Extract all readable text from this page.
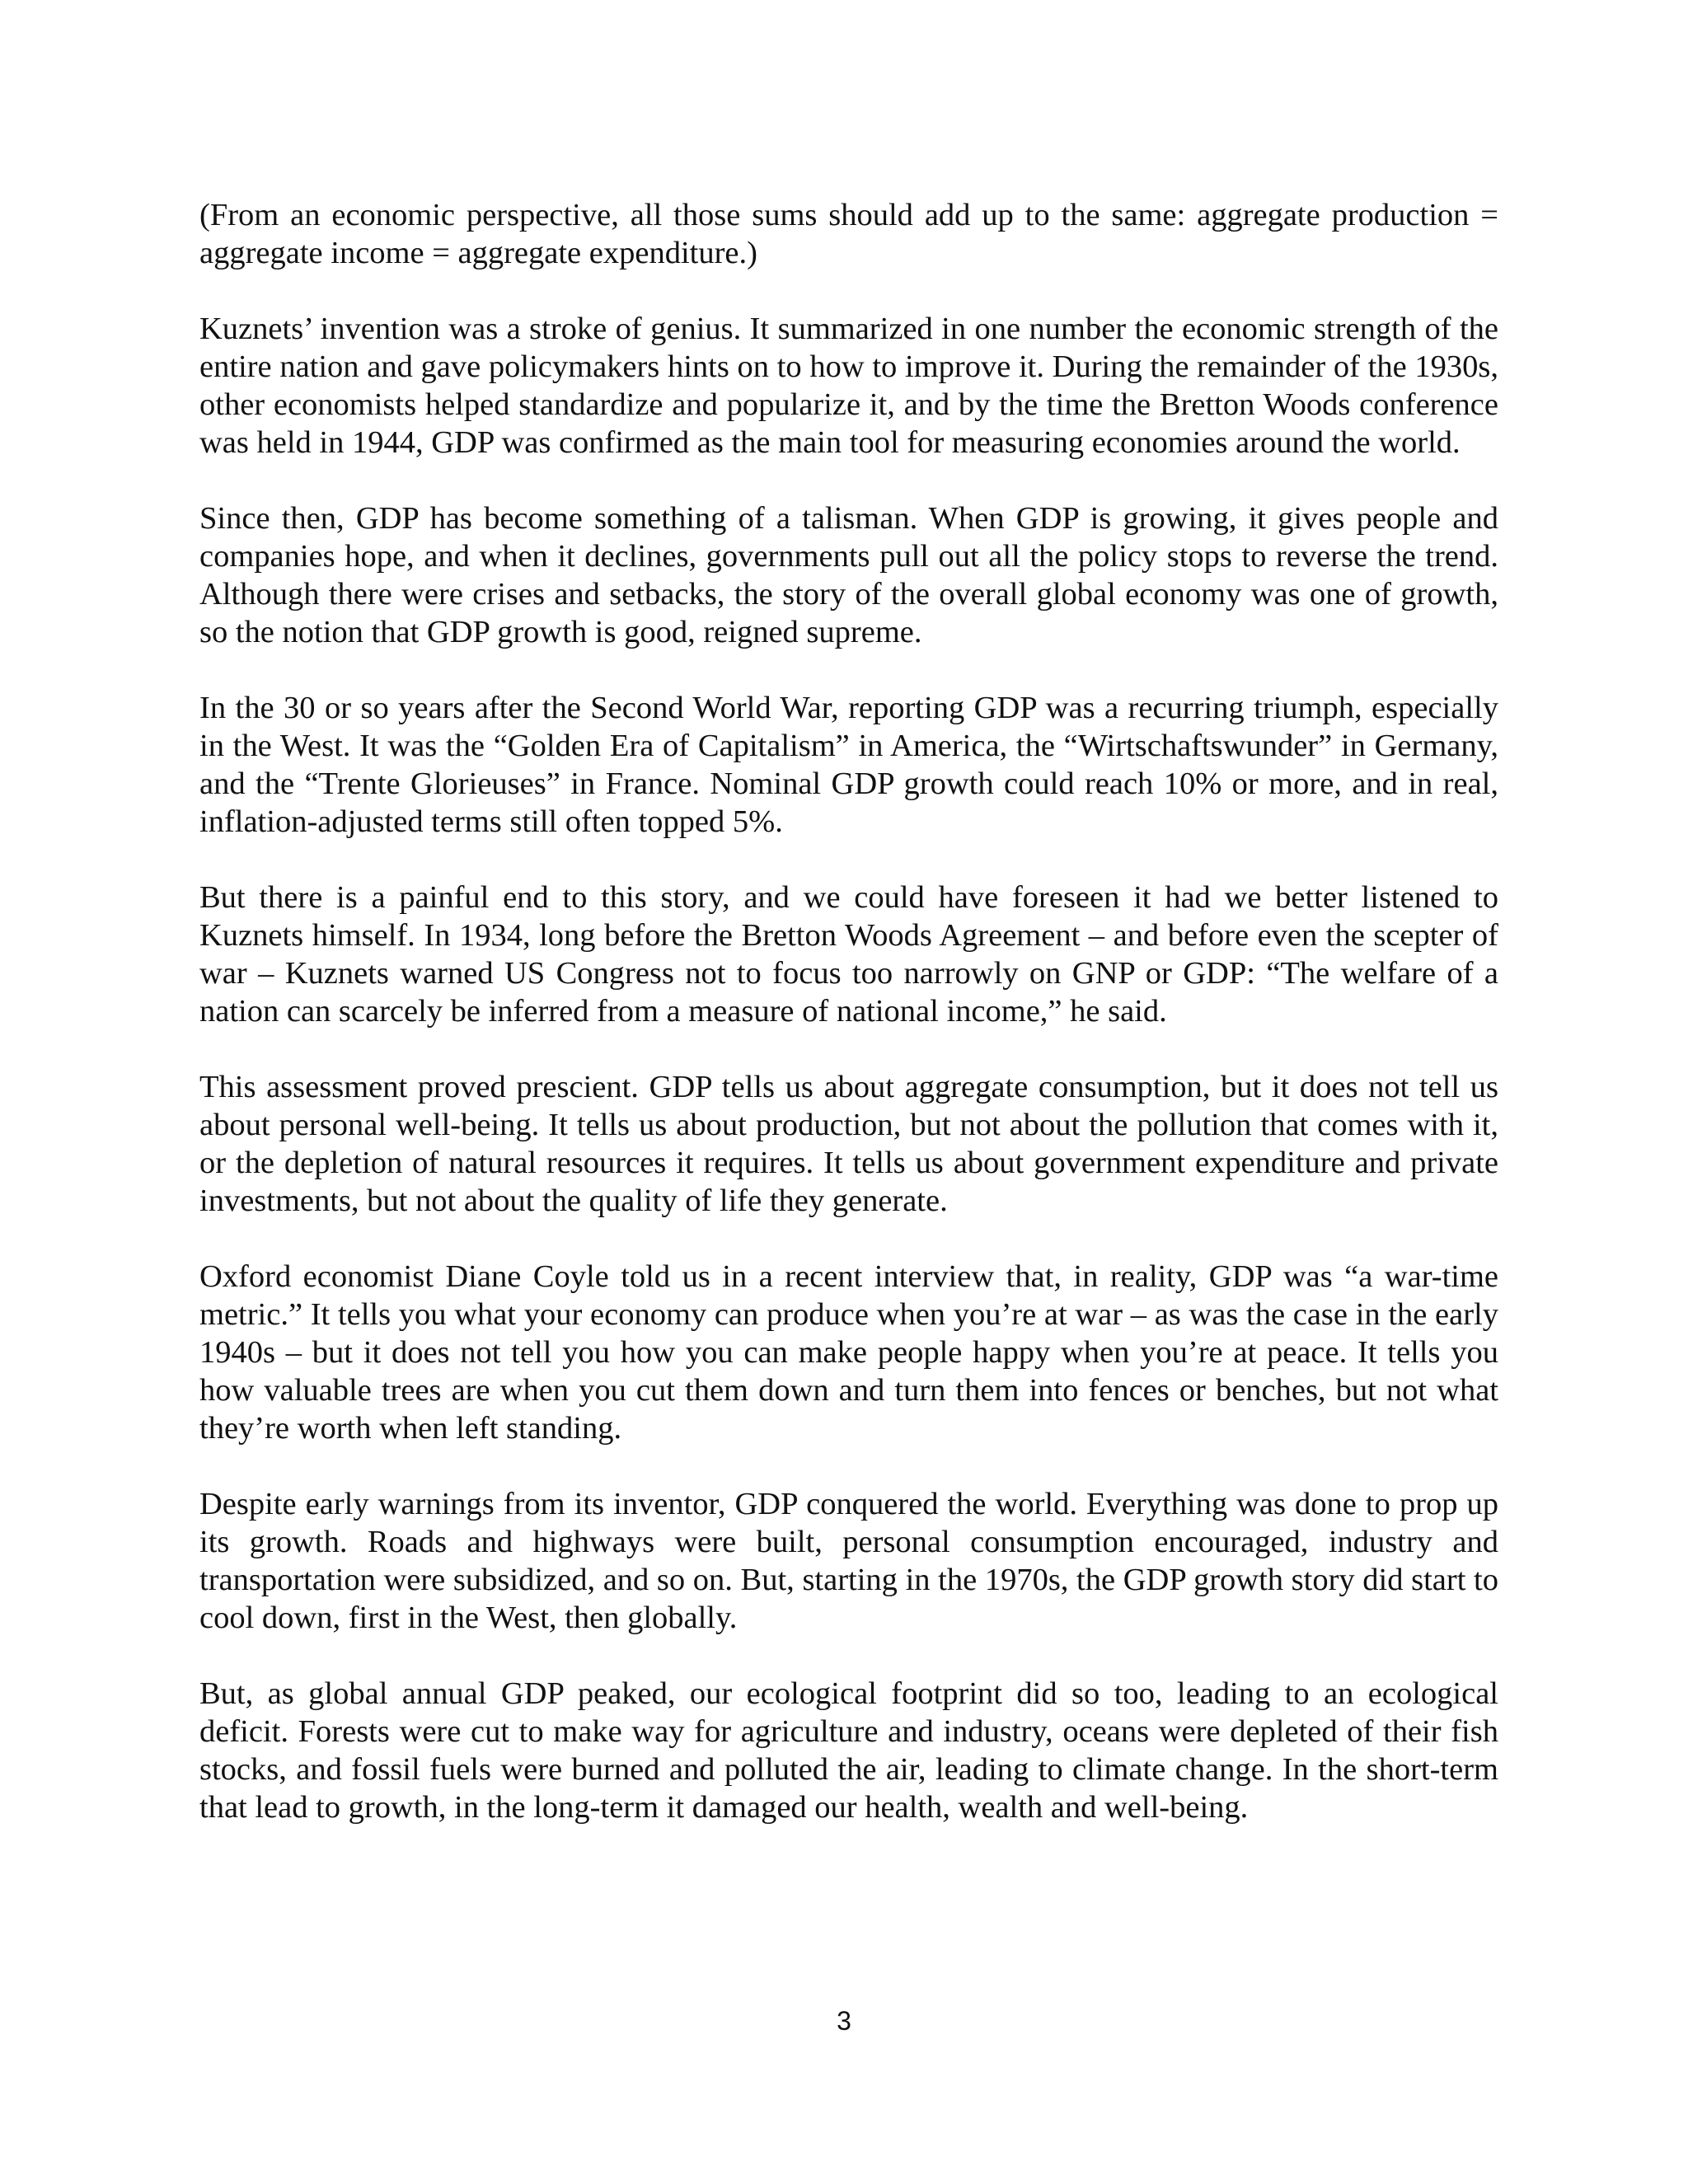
(From an economic perspective, all those sums should add up to the same: aggregate production = aggregate income = aggregate expenditure.)

Kuznets’ invention was a stroke of genius. It summarized in one number the economic strength of the entire nation and gave policymakers hints on to how to improve it. During the remainder of the 1930s, other economists helped standardize and popularize it, and by the time the Bretton Woods conference was held in 1944, GDP was confirmed as the main tool for measuring economies around the world.

Since then, GDP has become something of a talisman. When GDP is growing, it gives people and companies hope, and when it declines, governments pull out all the policy stops to reverse the trend. Although there were crises and setbacks, the story of the overall global economy was one of growth, so the notion that GDP growth is good, reigned supreme.

In the 30 or so years after the Second World War, reporting GDP was a recurring triumph, especially in the West. It was the “Golden Era of Capitalism” in America, the “Wirtschaftswunder” in Germany, and the “Trente Glorieuses” in France. Nominal GDP growth could reach 10% or more, and in real, inflation-adjusted terms still often topped 5%.

But there is a painful end to this story, and we could have foreseen it had we better listened to Kuznets himself. In 1934, long before the Bretton Woods Agreement – and before even the scepter of war – Kuznets warned US Congress not to focus too narrowly on GNP or GDP: “The welfare of a nation can scarcely be inferred from a measure of national income,” he said.

This assessment proved prescient. GDP tells us about aggregate consumption, but it does not tell us about personal well-being. It tells us about production, but not about the pollution that comes with it, or the depletion of natural resources it requires. It tells us about government expenditure and private investments, but not about the quality of life they generate.

Oxford economist Diane Coyle told us in a recent interview that, in reality, GDP was “a war-time metric.” It tells you what your economy can produce when you’re at war – as was the case in the early 1940s – but it does not tell you how you can make people happy when you’re at peace. It tells you how valuable trees are when you cut them down and turn them into fences or benches, but not what they’re worth when left standing.

Despite early warnings from its inventor, GDP conquered the world. Everything was done to prop up its growth. Roads and highways were built, personal consumption encouraged, industry and transportation were subsidized, and so on. But, starting in the 1970s, the GDP growth story did start to cool down, first in the West, then globally.

But, as global annual GDP peaked, our ecological footprint did so too, leading to an ecological deficit. Forests were cut to make way for agriculture and industry, oceans were depleted of their fish stocks, and fossil fuels were burned and polluted the air, leading to climate change. In the short-term that lead to growth, in the long-term it damaged our health, wealth and well-being.

3
